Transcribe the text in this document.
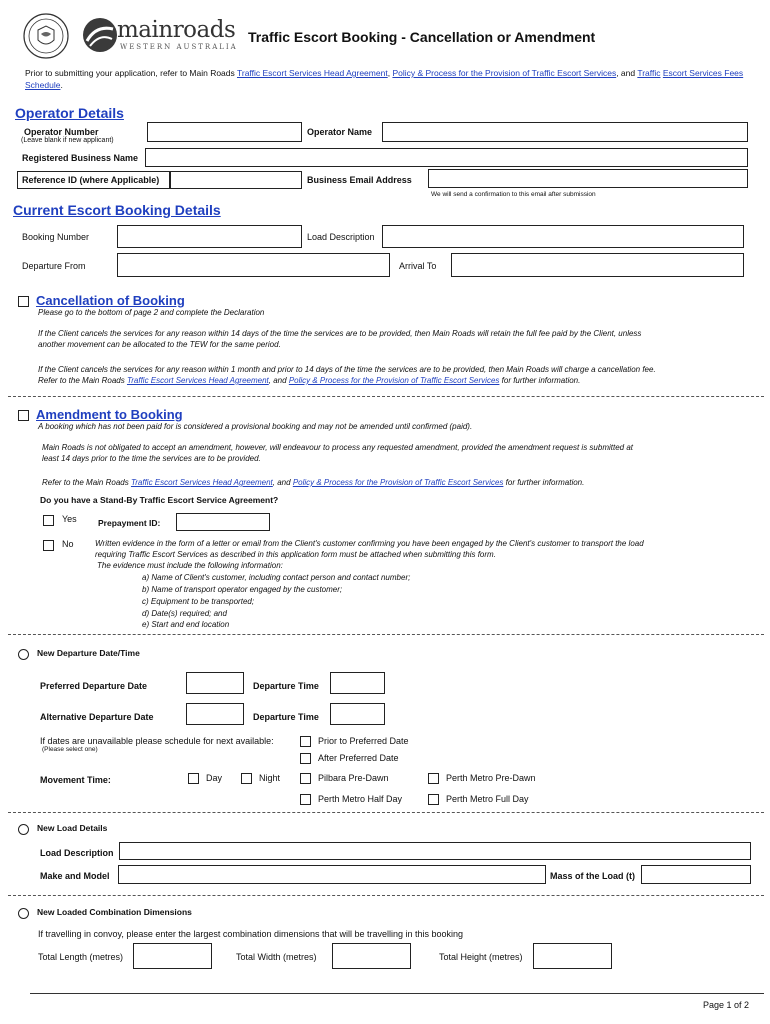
mainroads
WESTERN AUSTRALIA
Traffic Escort Booking - Cancellation or Amendment
Prior to submitting your application, refer to Main Roads Traffic Escort Services Head Agreement, Policy & Process for the Provision of Traffic Escort Services, and Traffic Escort Services Fees Schedule.
Operator Details
Operator Number
(Leave blank if new applicant)
Operator Name
Registered Business Name
Reference ID (where Applicable)	Business Email Address
We will send a confirmation to this email after submission
Current Escort Booking Details
Booking Number	Load Description
Departure From	Arrival To
Cancellation of Booking
Please go to the bottom of page 2 and complete the Declaration
If the Client cancels the services for any reason within 14 days of the time the services are to be provided, then Main Roads will retain the full fee paid by the Client, unless
another movement can be allocated to the TEW for the same period.
If the Client cancels the services for any reason within 1 month and prior to 14 days of the time the services are to be provided, then Main Roads will charge a cancellation fee.
Refer to the Main Roads Traffic Escort Services Head Agreement, and Policy & Process for the Provision of Traffic Escort Services for further information.
Amendment to Booking
A booking which has not been paid for is considered a provisional booking and may not be amended until confirmed (paid).
Main Roads is not obligated to accept an amendment, however, will endeavour to process any requested amendment, provided the amendment request is submitted at
least 14 days prior to the time the services are to be provided.
Refer to the Main Roads Traffic Escort Services Head Agreement, and Policy & Process for the Provision of Traffic Escort Services for further information.
Do you have a Stand-By Traffic Escort Service Agreement?
Yes	Prepayment ID:
No	Written evidence in the form of a letter or email from the Client's customer confirming you have been engaged by the Client's customer to transport the load
requiring Traffic Escort Services as described in this application form must be attached when submitting this form.
The evidence must include the following information:
a) Name of Client's customer, including contact person and contact number;
b) Name of transport operator engaged by the customer;
c) Equipment to be transported;
d) Date(s) required; and
e) Start and end location
New Departure Date/Time
Preferred Departure Date	Departure Time
Alternative Departure Date	Departure Time
If dates are unavailable please schedule for next available:
(Please select one)
Prior to Preferred Date
After Preferred Date
Movement Time:	Day	Night	Pilbara Pre-Dawn	Perth Metro Pre-Dawn
Perth Metro Half Day	Perth Metro Full Day
New Load Details
Load Description
Make and Model	Mass of the Load (t)
New Loaded Combination Dimensions
If travelling in convoy, please enter the largest combination dimensions that will be travelling in this booking
Total Length (metres)	Total Width (metres)	Total Height (metres)
Page 1 of 2
